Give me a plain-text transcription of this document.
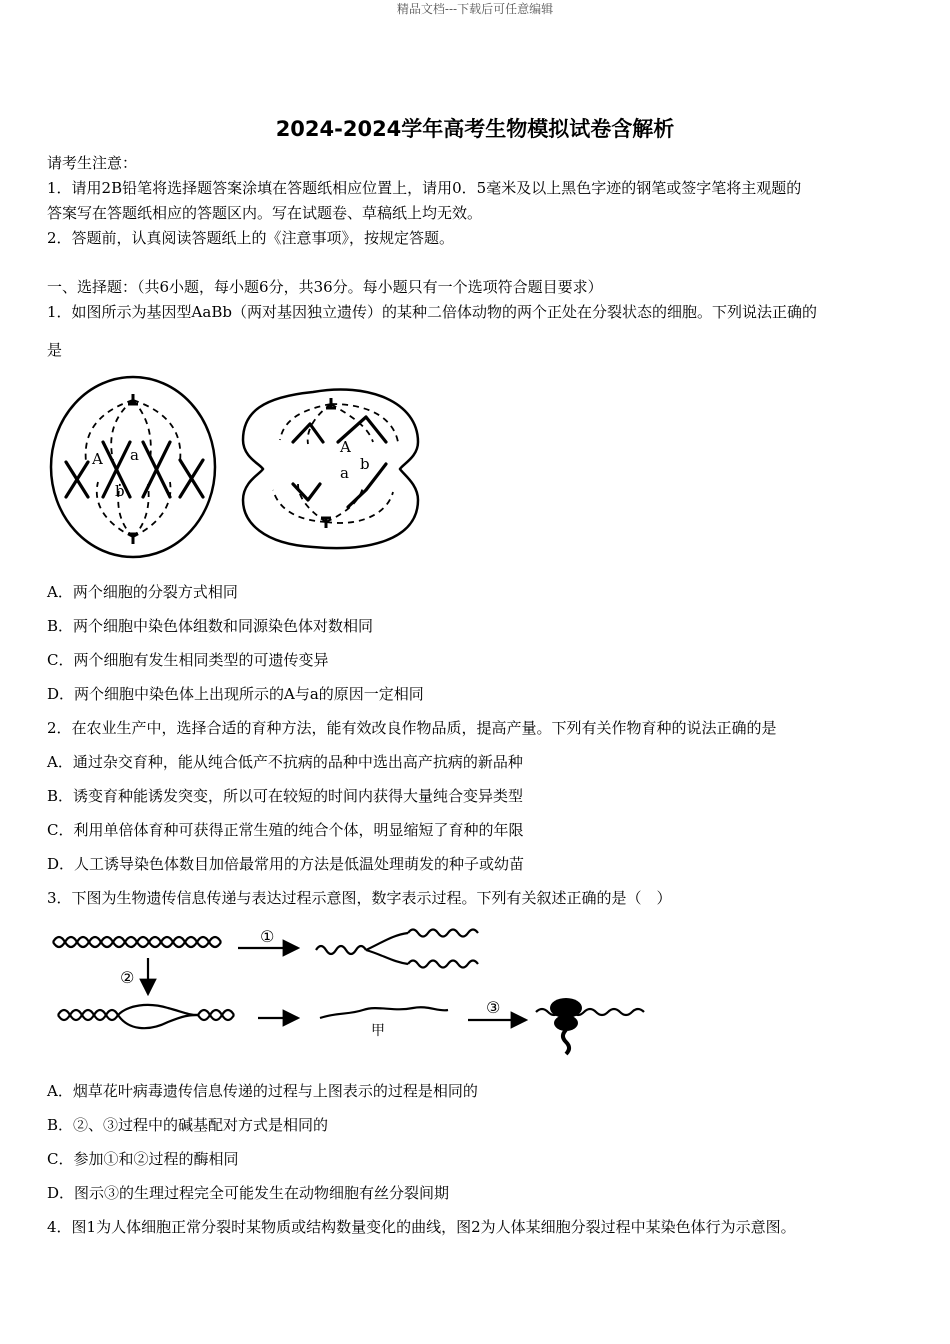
精品文档---下载后可任意编辑
2024-2024学年高考生物模拟试卷含解析
请考生注意：
1．请用2B铅笔将选择题答案涂填在答题纸相应位置上，请用0．5毫米及以上黑色字迹的钢笔或签字笔将主观题的
答案写在答题纸相应的答题区内。写在试题卷、草稿纸上均无效。
2．答题前，认真阅读答题纸上的《注意事项》，按规定答题。
一、选择题：（共6小题，每小题6分，共36分。每小题只有一个选项符合题目要求）
1．如图所示为基因型AaBb（两对基因独立遗传）的某种二倍体动物的两个正处在分裂状态的细胞。下列说法正确的
是
A a
b
A
a b
A．两个细胞的分裂方式相同
B．两个细胞中染色体组数和同源染色体对数相同
C．两个细胞有发生相同类型的可遗传变异
D．两个细胞中染色体上出现所示的A与a的原因一定相同
2．在农业生产中，选择合适的育种方法，能有效改良作物品质，提高产量。下列有关作物育种的说法正确的是
A．通过杂交育种，能从纯合低产不抗病的品种中选出高产抗病的新品种
B．诱变育种能诱发突变，所以可在较短的时间内获得大量纯合变异类型
C．利用单倍体育种可获得正常生殖的纯合个体，明显缩短了育种的年限
D．人工诱导染色体数目加倍最常用的方法是低温处理萌发的种子或幼苗
3．下图为生物遗传信息传递与表达过程示意图，数字表示过程。下列有关叙述正确的是（　）
①
②
③
甲
A．烟草花叶病毒遗传信息传递的过程与上图表示的过程是相同的
B．②、③过程中的碱基配对方式是相同的
C．参加①和②过程的酶相同
D．图示③的生理过程完全可能发生在动物细胞有丝分裂间期
4．图1为人体细胞正常分裂时某物质或结构数量变化的曲线，图2为人体某细胞分裂过程中某染色体行为示意图。
